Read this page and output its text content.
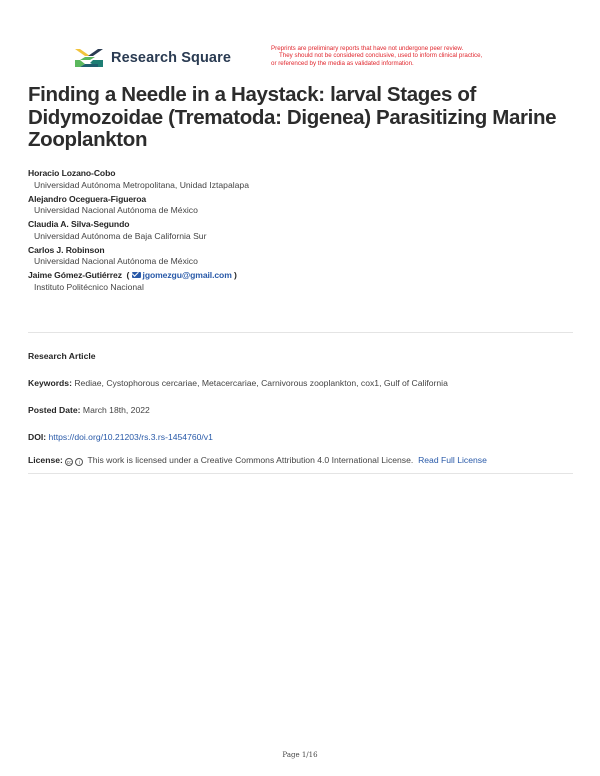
Research Square
Preprints are preliminary reports that have not undergone peer review.
They should not be considered conclusive, used to inform clinical practice,
or referenced by the media as validated information.
Finding a Needle in a Haystack: larval Stages of Didymozoidae (Trematoda: Digenea) Parasitizing Marine Zooplankton
Horacio Lozano-Cobo
Universidad Autónoma Metropolitana, Unidad Iztapalapa
Alejandro Oceguera-Figueroa
Universidad Nacional Autónoma de México
Claudia A. Silva-Segundo
Universidad Autónoma de Baja California Sur
Carlos J. Robinson
Universidad Nacional Autónoma de México
Jaime Gómez-Gutiérrez  ( jgomezgu@gmail.com )
Instituto Politécnico Nacional
Research Article
Keywords: Rediae, Cystophorous cercariae, Metacercariae, Carnivorous zooplankton, cox1, Gulf of California
Posted Date: March 18th, 2022
DOI: https://doi.org/10.21203/rs.3.rs-1454760/v1
License: cc i This work is licensed under a Creative Commons Attribution 4.0 International License. Read Full License
Page 1/16
